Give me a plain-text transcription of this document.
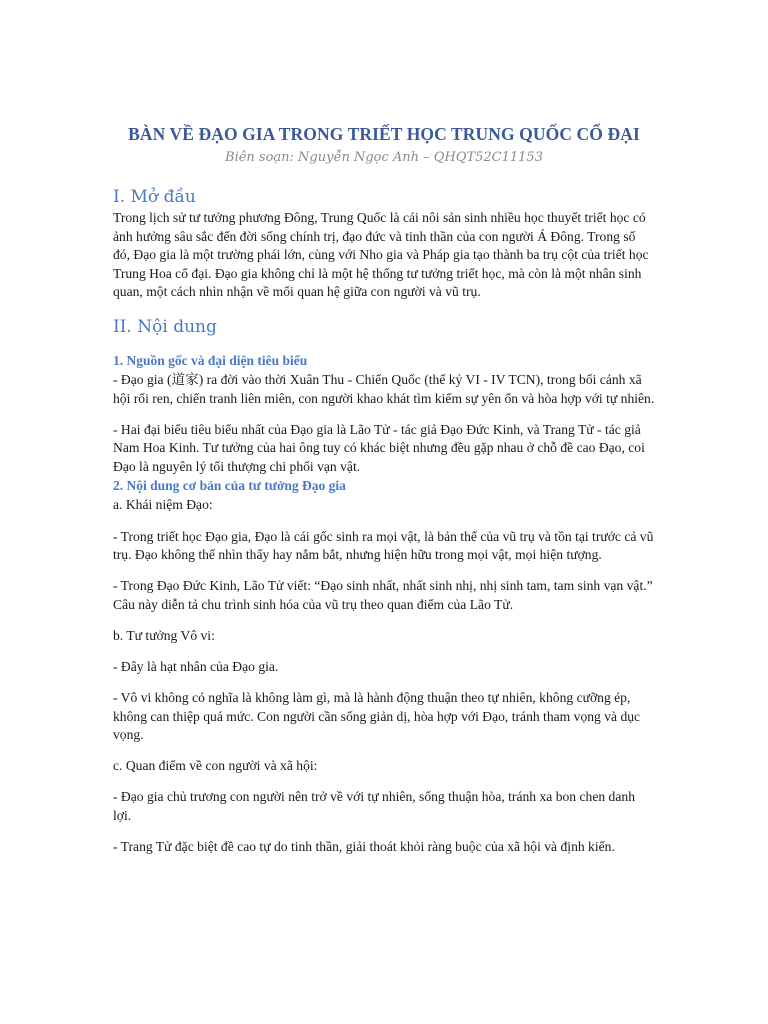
BÀN VỀ ĐẠO GIA TRONG TRIẾT HỌC TRUNG QUỐC CỔ ĐẠI
Biên soạn: Nguyễn Ngọc Anh – QHQT52C11153
I. Mở đầu

Trong lịch sử tư tưởng phương Đông, Trung Quốc là cái nôi sản sinh nhiều học thuyết triết học có ảnh hưởng sâu sắc đến đời sống chính trị, đạo đức và tinh thần của con người Á Đông. Trong số đó, Đạo gia là một trường phái lớn, cùng với Nho gia và Pháp gia tạo thành ba trụ cột của triết học Trung Hoa cổ đại. Đạo gia không chỉ là một hệ thống tư tưởng triết học, mà còn là một nhân sinh quan, một cách nhìn nhận về mối quan hệ giữa con người và vũ trụ.

II. Nội dung
1. Nguồn gốc và đại diện tiêu biểu

- Đạo gia (道家) ra đời vào thời Xuân Thu - Chiến Quốc (thế kỷ VI - IV TCN), trong bối cảnh xã hội rối ren, chiến tranh liên miên, con người khao khát tìm kiếm sự yên ổn và hòa hợp với tự nhiên.

- Hai đại biểu tiêu biểu nhất của Đạo gia là Lão Tử - tác giả Đạo Đức Kinh, và Trang Tử - tác giả Nam Hoa Kinh. Tư tưởng của hai ông tuy có khác biệt nhưng đều gặp nhau ở chỗ đề cao Đạo, coi Đạo là nguyên lý tối thượng chi phối vạn vật.

2. Nội dung cơ bản của tư tưởng Đạo gia

a. Khái niệm Đạo:

- Trong triết học Đạo gia, Đạo là cái gốc sinh ra mọi vật, là bản thể của vũ trụ và tồn tại trước cả vũ trụ. Đạo không thể nhìn thấy hay nắm bắt, nhưng hiện hữu trong mọi vật, mọi hiện tượng.

- Trong Đạo Đức Kinh, Lão Tử viết: “Đạo sinh nhất, nhất sinh nhị, nhị sinh tam, tam sinh vạn vật.” Câu này diễn tả chu trình sinh hóa của vũ trụ theo quan điểm của Lão Tử.

b. Tư tưởng Vô vi:

- Đây là hạt nhân của Đạo gia.

- Vô vi không có nghĩa là không làm gì, mà là hành động thuận theo tự nhiên, không cưỡng ép, không can thiệp quá mức. Con người cần sống giản dị, hòa hợp với Đạo, tránh tham vọng và dục vọng.

c. Quan điểm về con người và xã hội:

- Đạo gia chủ trương con người nên trở về với tự nhiên, sống thuận hòa, tránh xa bon chen danh lợi.

- Trang Tử đặc biệt đề cao tự do tinh thần, giải thoát khỏi ràng buộc của xã hội và định kiến.
